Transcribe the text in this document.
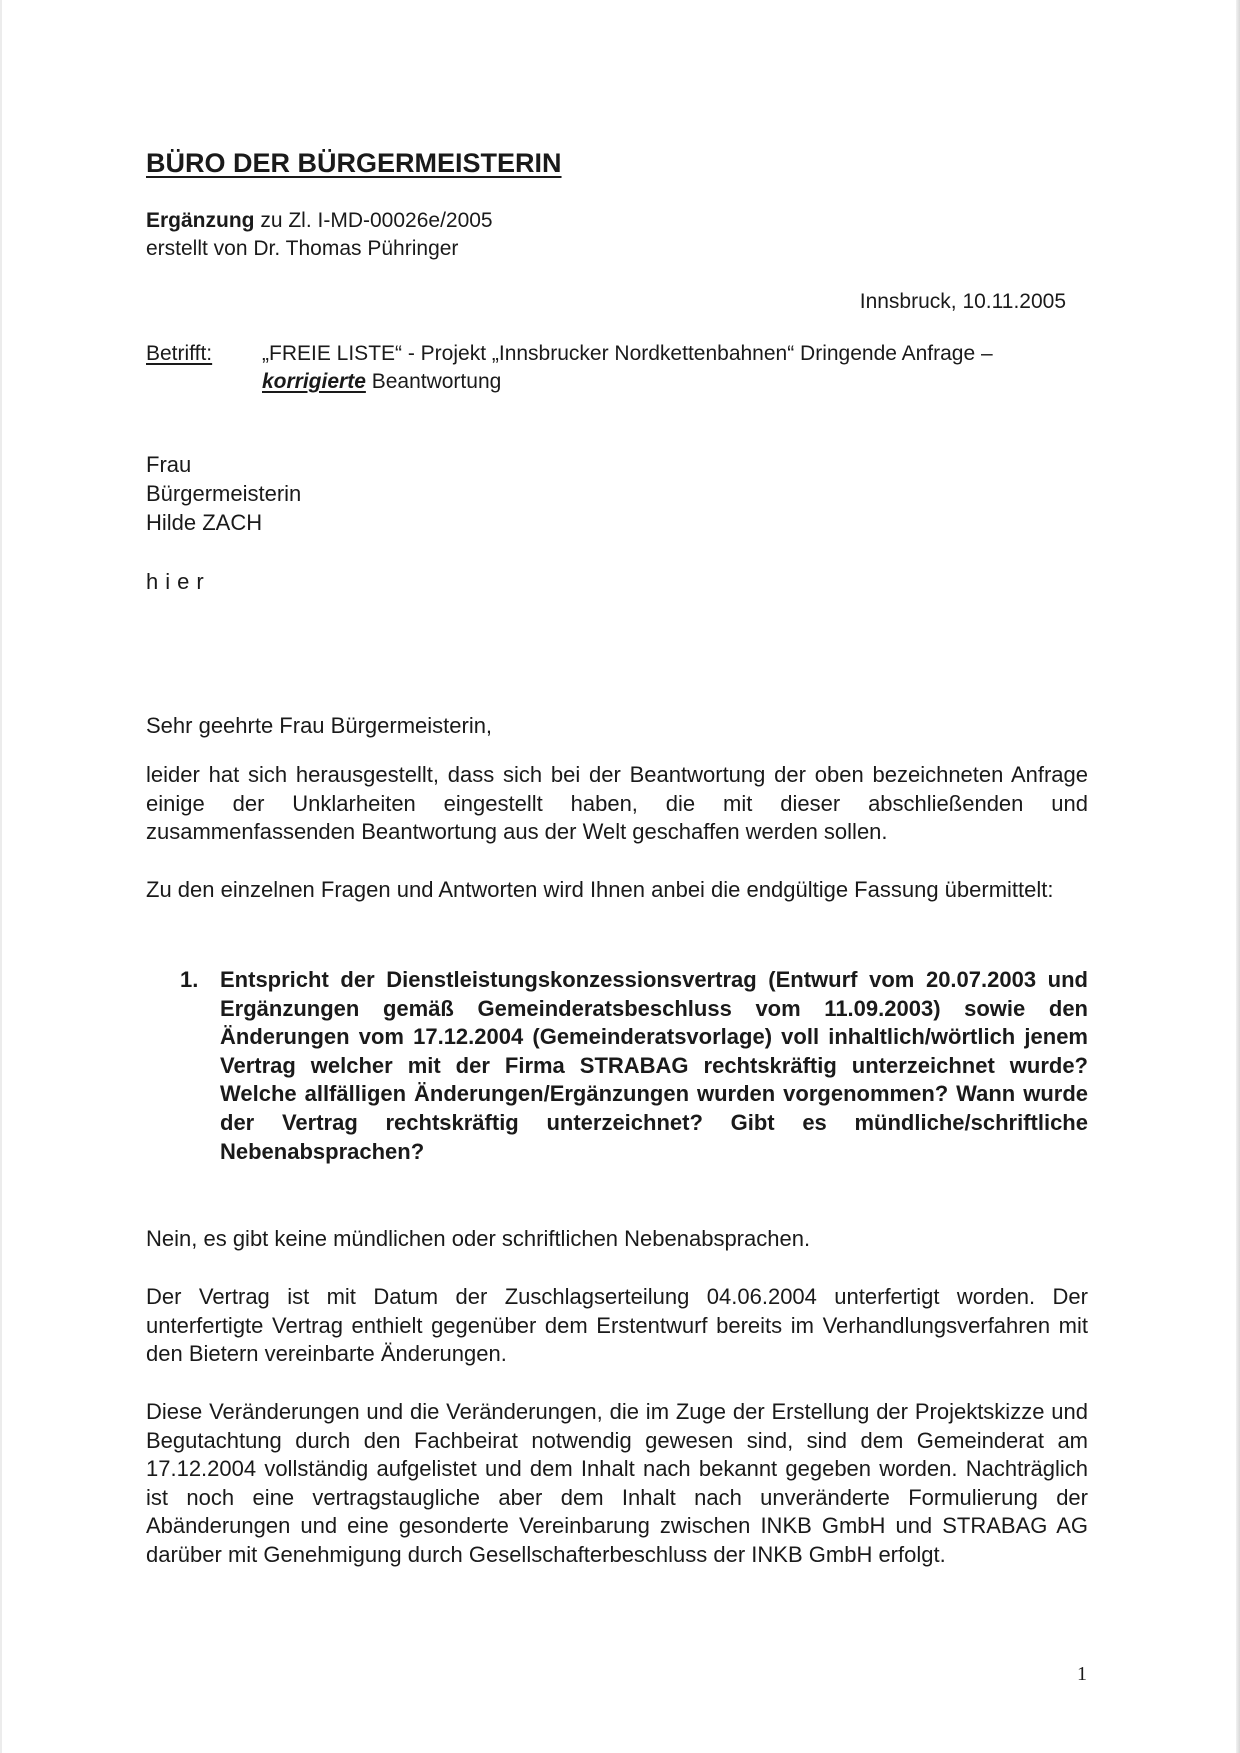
BÜRO DER BÜRGERMEISTERIN
Ergänzung zu Zl. I-MD-00026e/2005
erstellt von Dr. Thomas Pühringer
Innsbruck, 10.11.2005
Betrifft: „FREIE LISTE“ - Projekt „Innsbrucker Nordkettenbahnen“ Dringende Anfrage –
korrigierte Beantwortung
Frau
Bürgermeisterin
Hilde ZACH
hier
Sehr geehrte Frau Bürgermeisterin,
leider hat sich herausgestellt, dass sich bei der Beantwortung der oben bezeichneten Anfrage einige der Unklarheiten eingestellt haben, die mit dieser abschließenden und zusammenfassenden Beantwortung aus der Welt geschaffen werden sollen.
Zu den einzelnen Fragen und Antworten wird Ihnen anbei die endgültige Fassung übermittelt:
1. Entspricht der Dienstleistungskonzessionsvertrag (Entwurf vom 20.07.2003 und Ergänzungen gemäß Gemeinderatsbeschluss vom 11.09.2003) sowie den Änderungen vom 17.12.2004 (Gemeinderatsvorlage) voll inhaltlich/wörtlich jenem Vertrag welcher mit der Firma STRABAG rechtskräftig unterzeichnet wurde? Welche allfälligen Änderungen/Ergänzungen wurden vorgenommen? Wann wurde der Vertrag rechtskräftig unterzeichnet? Gibt es mündliche/schriftliche Nebenabsprachen?
Nein, es gibt keine mündlichen oder schriftlichen Nebenabsprachen.
Der Vertrag ist mit Datum der Zuschlagserteilung 04.06.2004 unterfertigt worden. Der unterfertigte Vertrag enthielt gegenüber dem Erstentwurf bereits im Verhandlungsverfahren mit den Bietern vereinbarte Änderungen.
Diese Veränderungen und die Veränderungen, die im Zuge der Erstellung der Projektskizze und Begutachtung durch den Fachbeirat notwendig gewesen sind, sind dem Gemeinderat am 17.12.2004 vollständig aufgelistet und dem Inhalt nach bekannt gegeben worden. Nachträglich ist noch eine vertragstaugliche aber dem Inhalt nach unveränderte Formulierung der Abänderungen und eine gesonderte Vereinbarung zwischen INKB GmbH und STRABAG AG darüber mit Genehmigung durch Gesellschafterbeschluss der INKB GmbH erfolgt.
1
